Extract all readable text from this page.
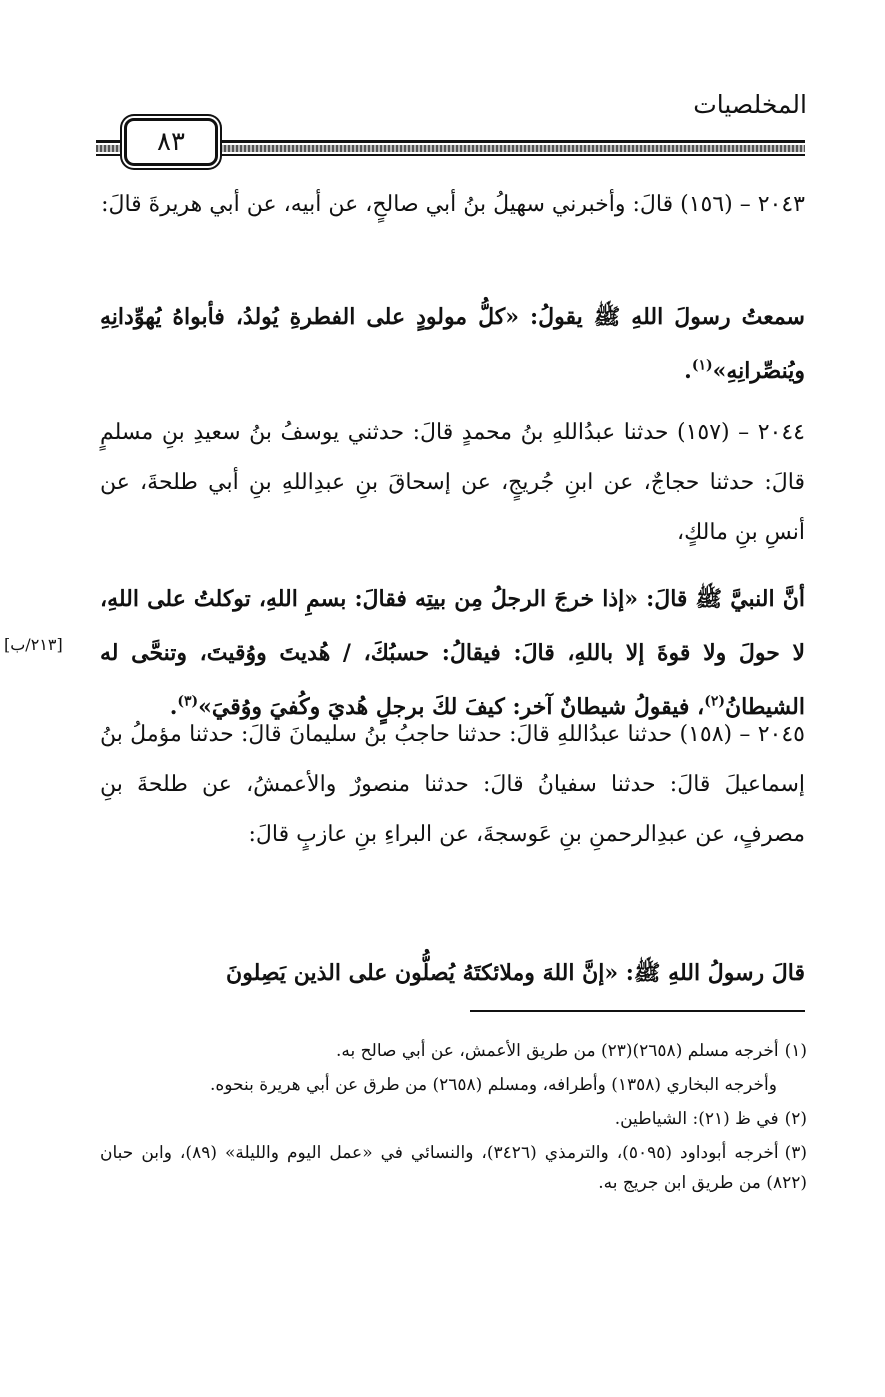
المخلصيات
٨٣

٢٠٤٣ – (١٥٦) قالَ: وأخبرني سهيلُ بنُ أبي صالحٍ، عن أبيه، عن أبي هريرةَ قالَ:

سمعتُ رسولَ اللهِ ﷺ يقولُ: «كلُّ مولودٍ على الفطرةِ يُولدُ، فأبواهُ يُهوِّدانِهِ ويُنصِّرانِهِ»$^{(١)}$.

٢٠٤٤ – (١٥٧) حدثنا عبدُاللهِ بنُ محمدٍ قالَ: حدثني يوسفُ بنُ سعيدِ بنِ مسلمٍ قالَ: حدثنا حجاجٌ، عن ابنِ جُريجٍ، عن إسحاقَ بنِ عبدِاللهِ بنِ أبي طلحةَ، عن أنسِ بنِ مالكٍ،

أنَّ النبيَّ ﷺ قالَ: «إذا خرجَ الرجلُ مِن بيتِه فقالَ: بسمِ اللهِ، توكلتُ على اللهِ، لا حولَ ولا قوةَ إلا باللهِ، قالَ: فيقالُ: حسبُكَ، / هُديتَ ووُقيتَ، وتنحَّى له الشيطانُ$^{(٢)}$، فيقولُ شيطانٌ آخر: كيفَ لكَ برجلٍ هُديَ وكُفيَ ووُقيَ»$^{(٣)}$.

[٢١٣/ب]

٢٠٤٥ – (١٥٨) حدثنا عبدُاللهِ قالَ: حدثنا حاجبُ بنُ سليمانَ قالَ: حدثنا مؤملُ بنُ إسماعيلَ قالَ: حدثنا سفيانُ قالَ: حدثنا منصورٌ والأعمشُ، عن طلحةَ بنِ مصرفٍ، عن عبدِالرحمنِ بنِ عَوسجةَ، عن البراءِ بنِ عازبٍ قالَ:

قالَ رسولُ اللهِ ﷺ: «إنَّ اللهَ وملائكتَهُ يُصلُّون على الذين يَصِلونَ

(١)أخرجه مسلم (٢٦٥٨)(٢٣) من طريق الأعمش، عن أبي صالح به.

وأخرجه البخاري (١٣٥٨) وأطرافه، ومسلم (٢٦٥٨) من طرق عن أبي هريرة بنحوه.

(٢)في ظ (٢١): الشياطين.

(٣)أخرجه أبوداود (٥٠٩٥)، والترمذي (٣٤٢٦)، والنسائي في «عمل اليوم والليلة» (٨٩)، وابن حبان (٨٢٢) من طريق ابن جريج به.
